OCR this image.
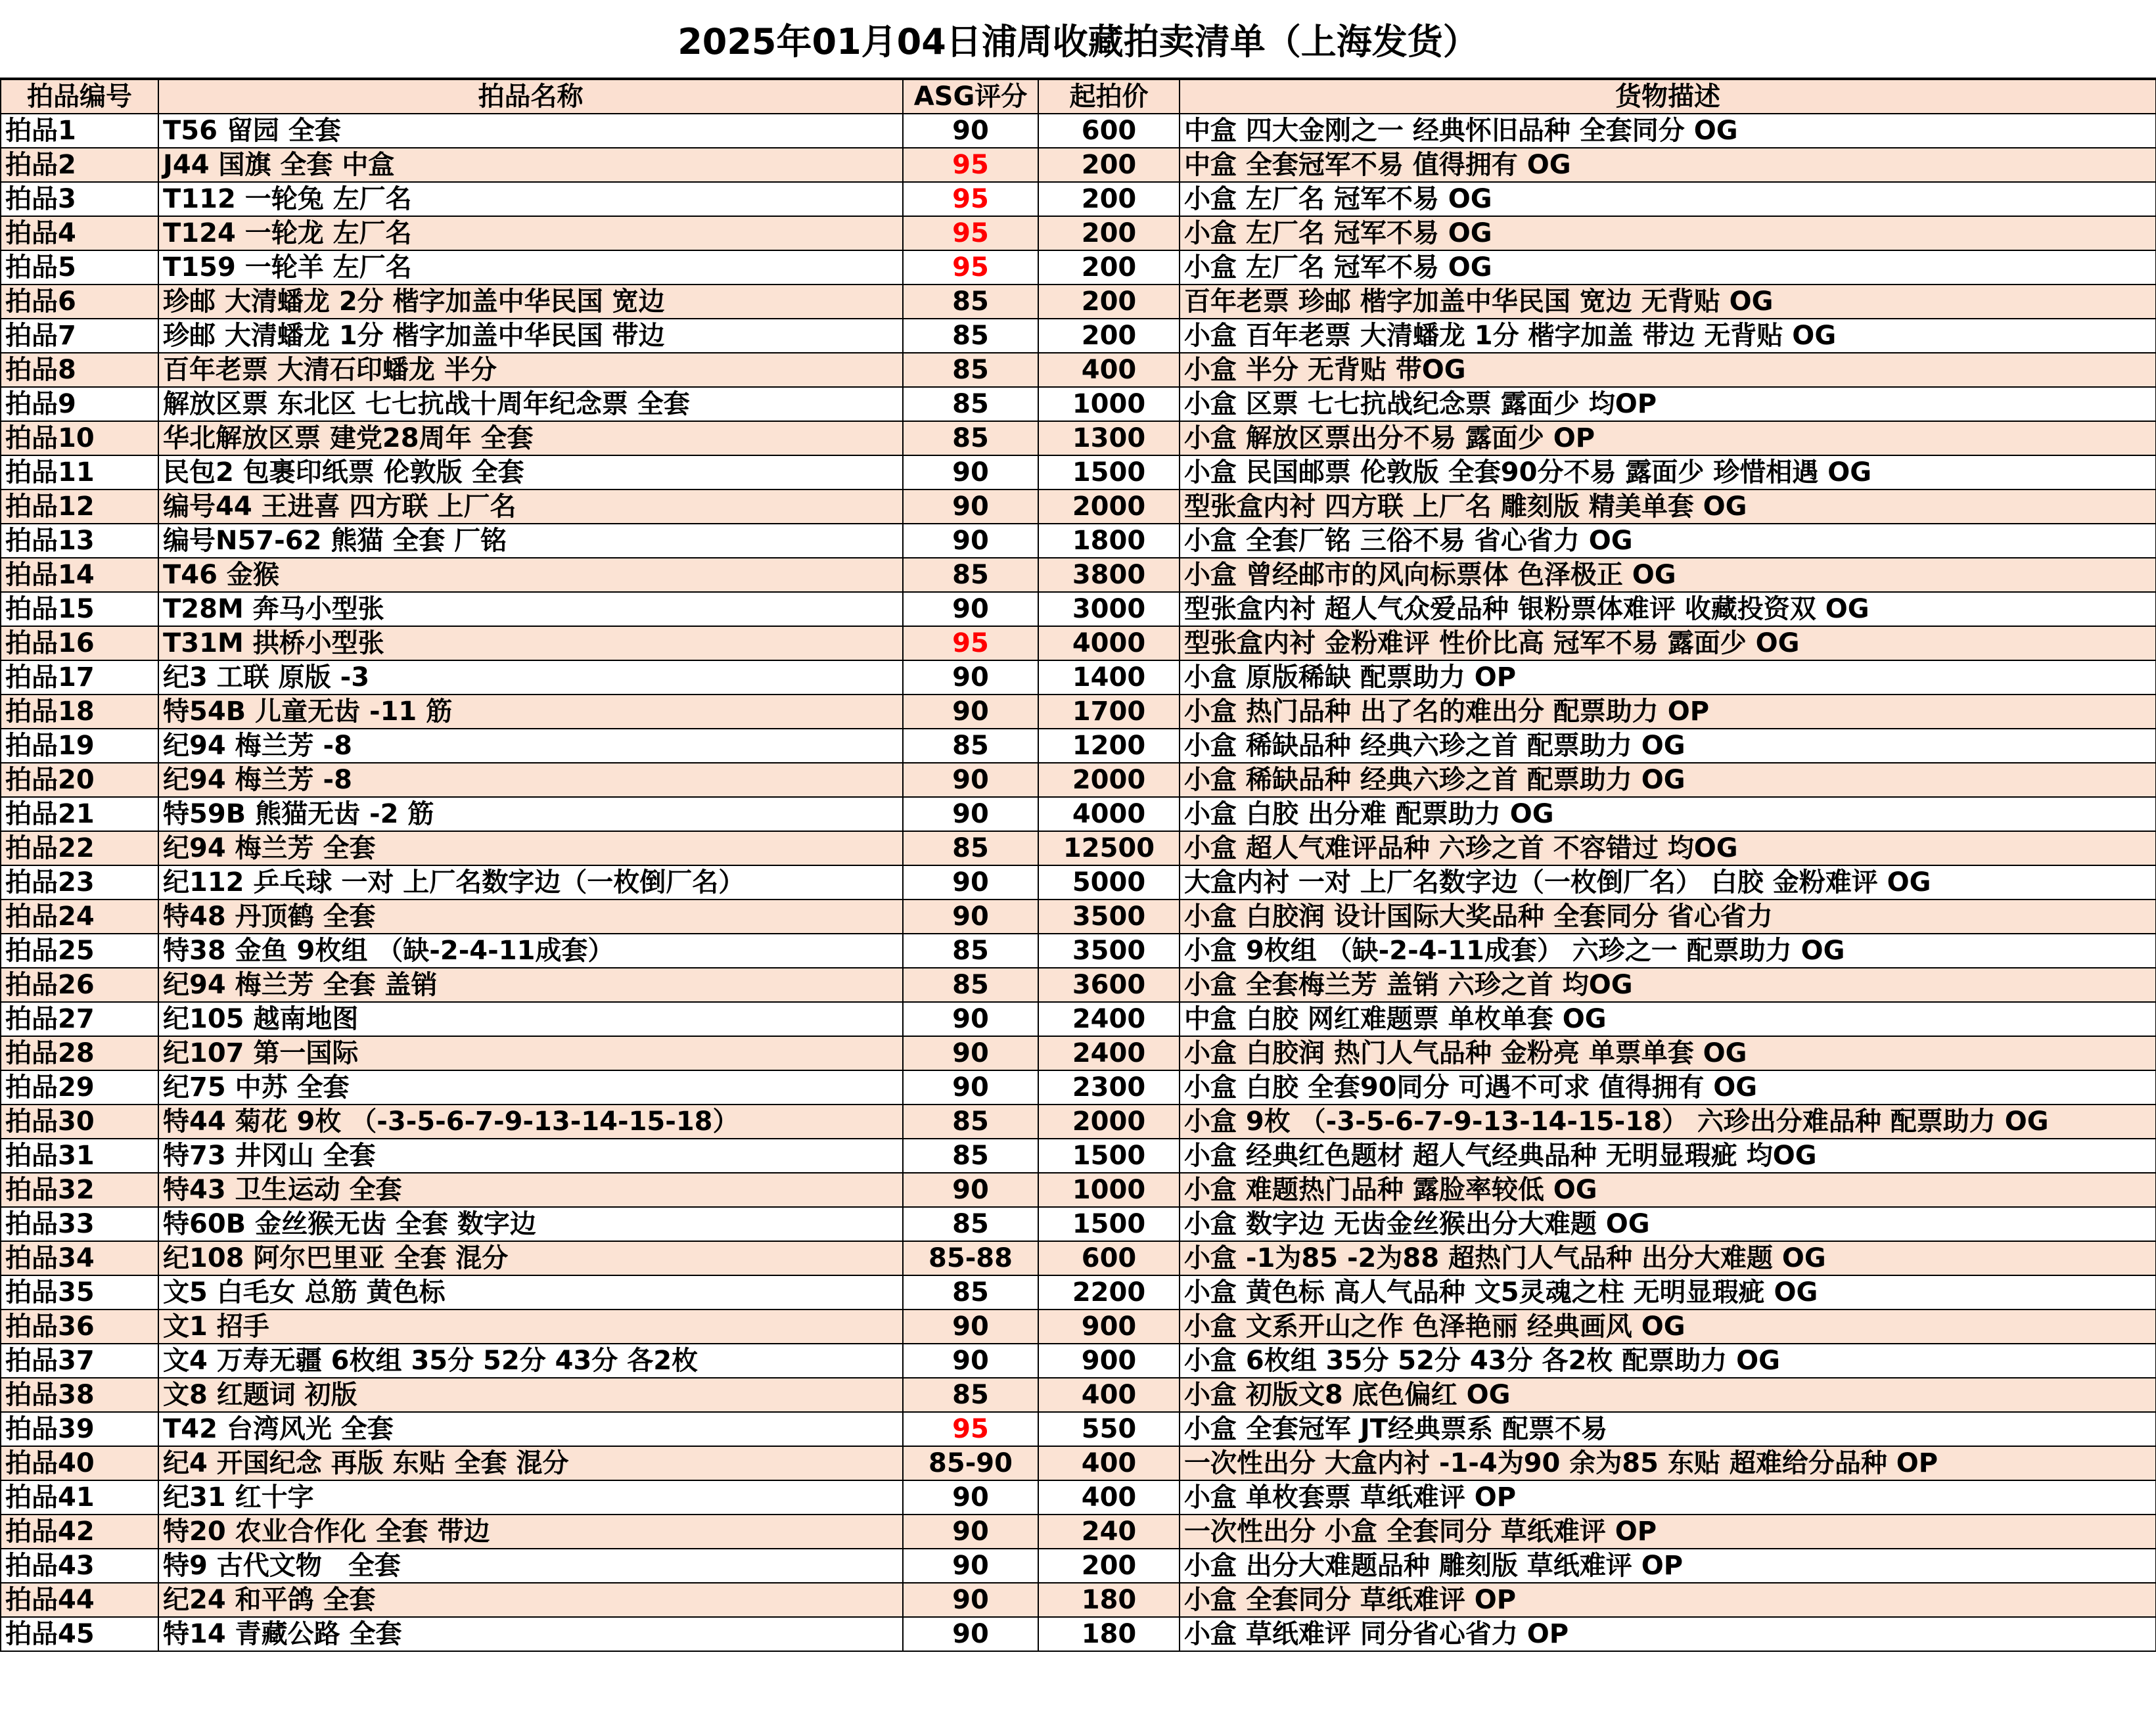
2025年01月04日浦周收藏拍卖清单（上海发货）
拍品编号	拍品名称	ASG评分	起拍价	货物描述
拍品1	T56 留园 全套	90	600	中盒 四大金刚之一 经典怀旧品种 全套同分 OG
拍品2	J44 国旗 全套 中盒	95	200	中盒 全套冠军不易 值得拥有 OG
拍品3	T112 一轮兔 左厂名	95	200	小盒 左厂名 冠军不易 OG
拍品4	T124 一轮龙 左厂名	95	200	小盒 左厂名 冠军不易 OG
拍品5	T159 一轮羊 左厂名	95	200	小盒 左厂名 冠军不易 OG
拍品6	珍邮 大清蟠龙 2分 楷字加盖中华民国 宽边	85	200	百年老票 珍邮 楷字加盖中华民国 宽边 无背贴 OG
拍品7	珍邮 大清蟠龙 1分 楷字加盖中华民国 带边	85	200	小盒 百年老票 大清蟠龙 1分 楷字加盖 带边 无背贴 OG
拍品8	百年老票 大清石印蟠龙 半分	85	400	小盒 半分 无背贴 带OG
拍品9	解放区票 东北区 七七抗战十周年纪念票 全套	85	1000	小盒 区票 七七抗战纪念票 露面少 均OP
拍品10	华北解放区票 建党28周年 全套	85	1300	小盒 解放区票出分不易 露面少 OP
拍品11	民包2 包裹印纸票 伦敦版 全套	90	1500	小盒 民国邮票 伦敦版 全套90分不易 露面少 珍惜相遇 OG
拍品12	编号44 王进喜 四方联 上厂名	90	2000	型张盒内衬 四方联 上厂名 雕刻版 精美单套 OG
拍品13	编号N57-62 熊猫 全套 厂铭	90	1800	小盒 全套厂铭 三俗不易 省心省力 OG
拍品14	T46 金猴	85	3800	小盒 曾经邮市的风向标票体 色泽极正 OG
拍品15	T28M 奔马小型张	90	3000	型张盒内衬 超人气众爱品种 银粉票体难评 收藏投资双 OG
拍品16	T31M 拱桥小型张	95	4000	型张盒内衬 金粉难评 性价比高 冠军不易 露面少 OG
拍品17	纪3 工联 原版 -3	90	1400	小盒 原版稀缺 配票助力 OP
拍品18	特54B 儿童无齿 -11 筋	90	1700	小盒 热门品种 出了名的难出分 配票助力 OP
拍品19	纪94 梅兰芳 -8	85	1200	小盒 稀缺品种 经典六珍之首 配票助力 OG
拍品20	纪94 梅兰芳 -8	90	2000	小盒 稀缺品种 经典六珍之首 配票助力 OG
拍品21	特59B 熊猫无齿 -2 筋	90	4000	小盒 白胶 出分难 配票助力 OG
拍品22	纪94 梅兰芳 全套	85	12500	小盒 超人气难评品种 六珍之首 不容错过 均OG
拍品23	纪112 乒乓球 一对 上厂名数字边（一枚倒厂名）	90	5000	大盒内衬 一对 上厂名数字边（一枚倒厂名） 白胶 金粉难评 OG
拍品24	特48 丹顶鹤 全套	90	3500	小盒 白胶润 设计国际大奖品种 全套同分 省心省力
拍品25	特38 金鱼 9枚组 （缺-2-4-11成套）	85	3500	小盒 9枚组 （缺-2-4-11成套） 六珍之一 配票助力 OG
拍品26	纪94 梅兰芳 全套 盖销	85	3600	小盒 全套梅兰芳 盖销 六珍之首 均OG
拍品27	纪105 越南地图	90	2400	中盒 白胶 网红难题票 单枚单套 OG
拍品28	纪107 第一国际	90	2400	小盒 白胶润 热门人气品种 金粉亮 单票单套 OG
拍品29	纪75 中苏 全套	90	2300	小盒 白胶 全套90同分 可遇不可求 值得拥有 OG
拍品30	特44 菊花 9枚 （-3-5-6-7-9-13-14-15-18）	85	2000	小盒 9枚 （-3-5-6-7-9-13-14-15-18） 六珍出分难品种 配票助力 OG
拍品31	特73 井冈山 全套	85	1500	小盒 经典红色题材 超人气经典品种 无明显瑕疵 均OG
拍品32	特43 卫生运动 全套	90	1000	小盒 难题热门品种 露脸率较低 OG
拍品33	特60B 金丝猴无齿 全套 数字边	85	1500	小盒 数字边 无齿金丝猴出分大难题 OG
拍品34	纪108 阿尔巴里亚 全套 混分	85-88	600	小盒 -1为85 -2为88 超热门人气品种 出分大难题 OG
拍品35	文5 白毛女 总筋 黄色标	85	2200	小盒 黄色标 高人气品种 文5灵魂之柱 无明显瑕疵 OG
拍品36	文1 招手	90	900	小盒 文系开山之作 色泽艳丽 经典画风 OG
拍品37	文4 万寿无疆 6枚组 35分 52分 43分 各2枚	90	900	小盒 6枚组 35分 52分 43分 各2枚 配票助力 OG
拍品38	文8 红题词 初版	85	400	小盒 初版文8 底色偏红 OG
拍品39	T42 台湾风光 全套	95	550	小盒 全套冠军 JT经典票系 配票不易
拍品40	纪4 开国纪念 再版 东贴 全套 混分	85-90	400	一次性出分 大盒内衬 -1-4为90 余为85 东贴 超难给分品种 OP
拍品41	纪31 红十字	90	400	小盒 单枚套票 草纸难评 OP
拍品42	特20 农业合作化 全套 带边	90	240	一次性出分 小盒 全套同分 草纸难评 OP
拍品43	特9 古代文物　全套	90	200	小盒 出分大难题品种 雕刻版 草纸难评 OP
拍品44	纪24 和平鸽 全套	90	180	小盒 全套同分 草纸难评 OP
拍品45	特14 青藏公路 全套	90	180	小盒 草纸难评 同分省心省力 OP
